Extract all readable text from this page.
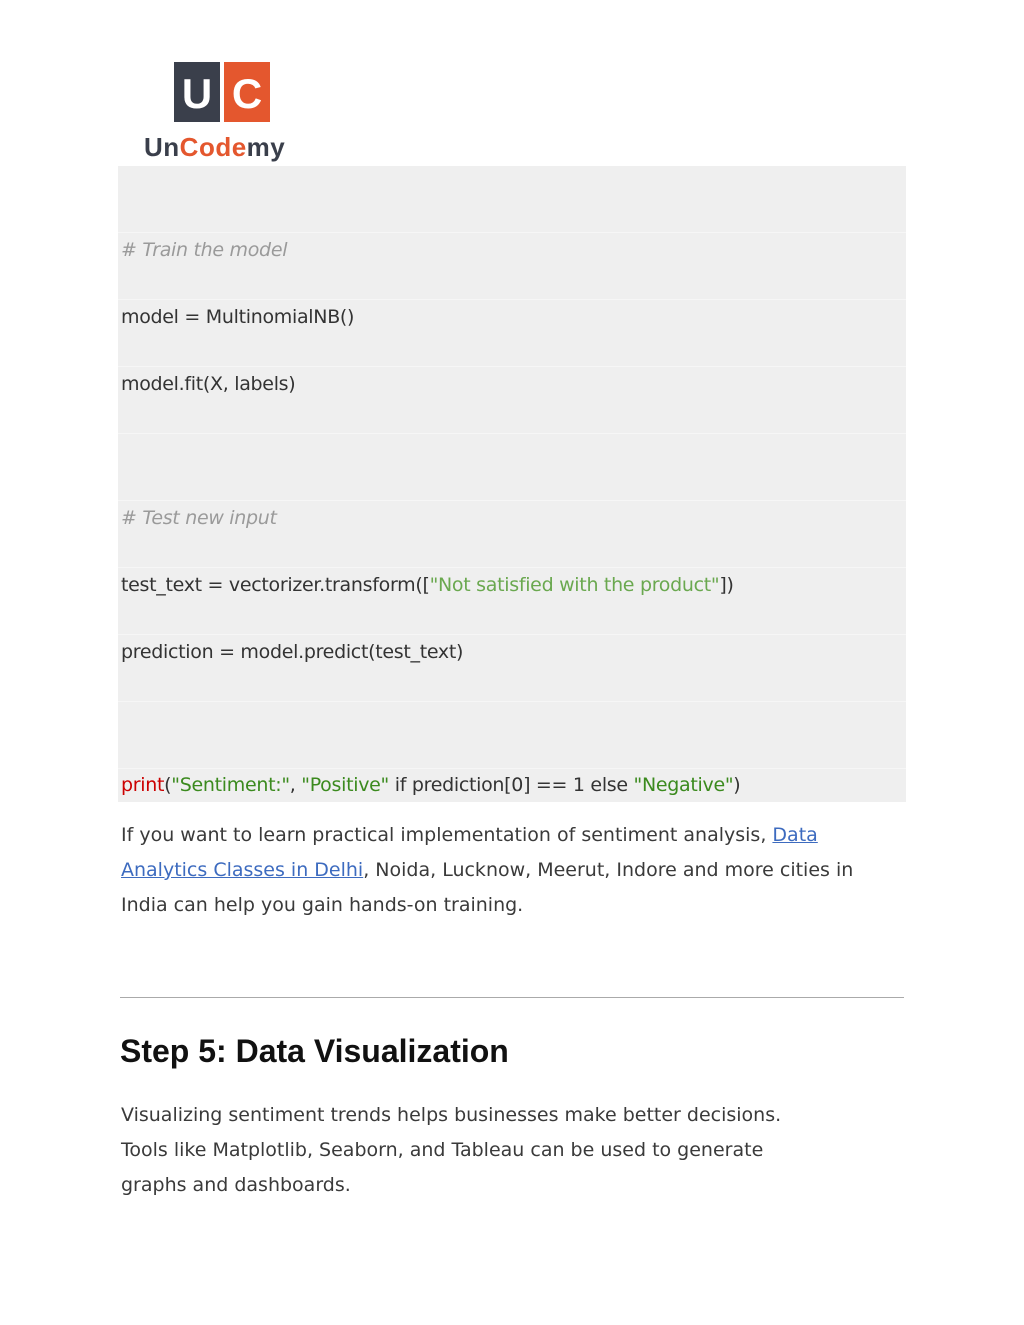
U C
UnCodemy
# Train the model
model = MultinomialNB()
model.fit(X, labels)
# Test new input
test_text = vectorizer.transform(["Not satisfied with the product"])
prediction = model.predict(test_text)
print("Sentiment:", "Positive" if prediction[0] == 1 else "Negative")

If you want to learn practical implementation of sentiment analysis, Data Analytics Classes in Delhi, Noida, Lucknow, Meerut, Indore and more cities in India can help you gain hands-on training.

Step 5: Data Visualization

Visualizing sentiment trends helps businesses make better decisions. Tools like Matplotlib, Seaborn, and Tableau can be used to generate graphs and dashboards.
